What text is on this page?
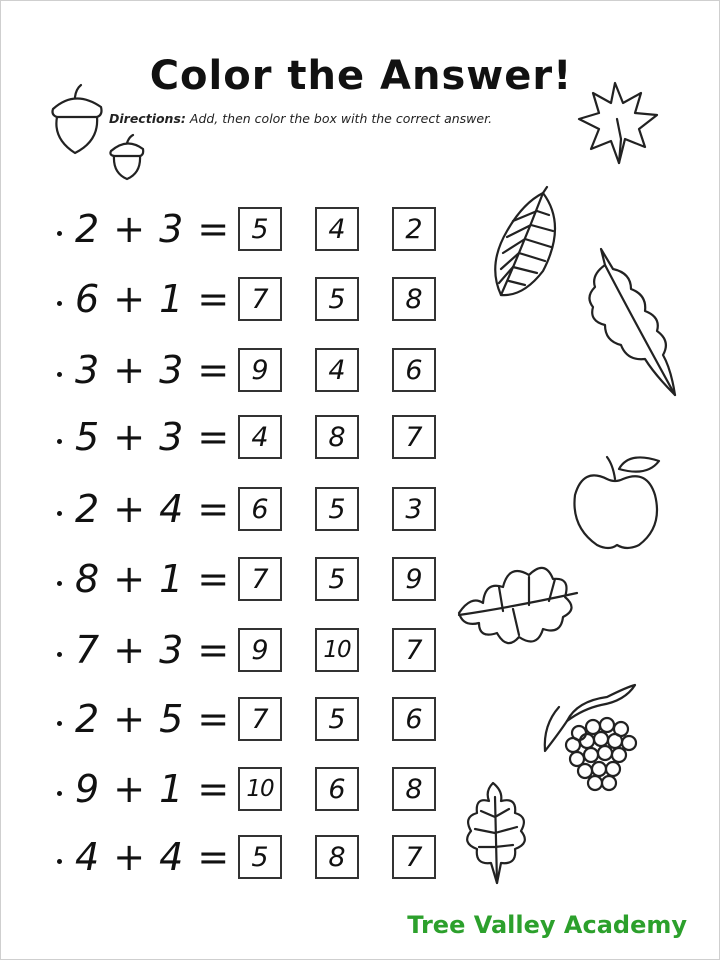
Color the Answer!
Directions: Add, then color the box with the correct answer.
2 + 3 = 5	4	2
6 + 1 = 7	5	8
3 + 3 = 9	4	6
5 + 3 = 4	8	7
2 + 4 = 6	5	3
8 + 1 = 7	5	9
7 + 3 = 9	10	7
2 + 5 = 7	5	6
9 + 1 = 10	6	8
4 + 4 = 5	8	7
Tree Valley Academy
